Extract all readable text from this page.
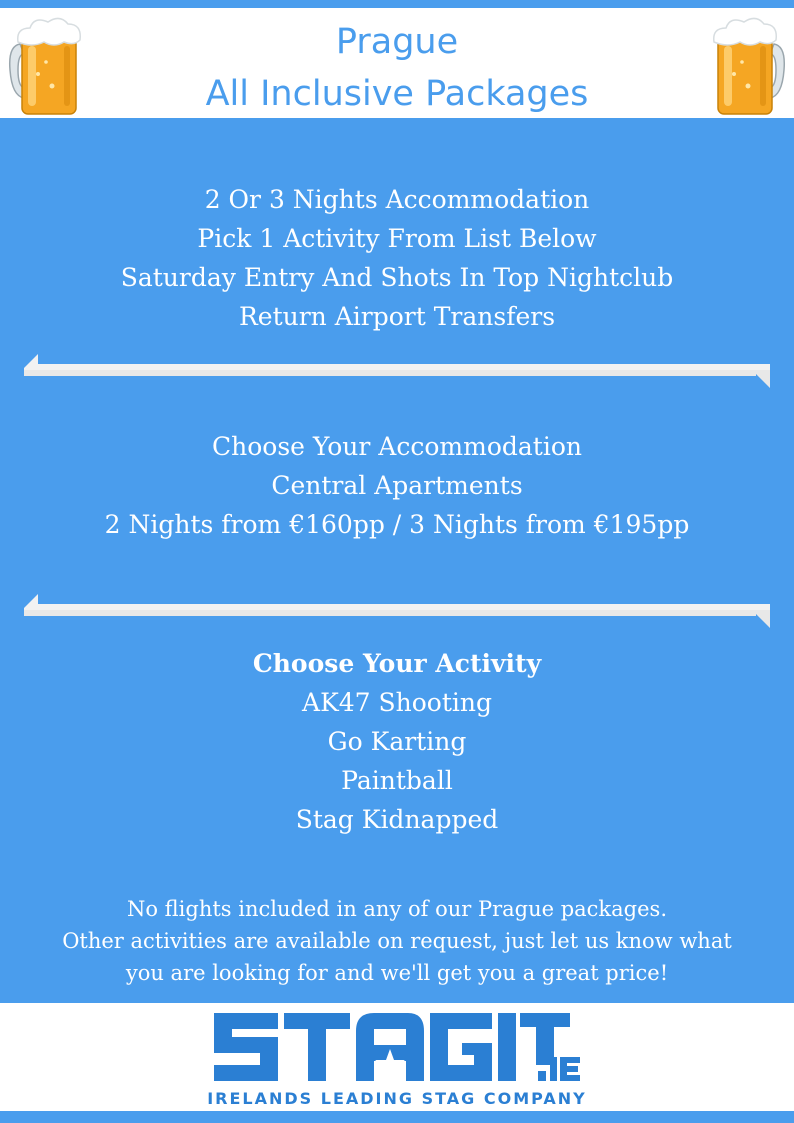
Prague
All Inclusive Packages
2 Or 3 Nights Accommodation
Pick 1 Activity From List Below
Saturday Entry And Shots In Top Nightclub
Return Airport Transfers
Choose Your Accommodation
Central Apartments
2 Nights from €160pp / 3 Nights from €195pp
Choose Your Activity
AK47 Shooting
Go Karting
Paintball
Stag Kidnapped
No flights included in any of our Prague packages.
Other activities are available on request, just let us know what
you are looking for and we'll get you a great price!
IRELANDS LEADING STAG COMPANY
